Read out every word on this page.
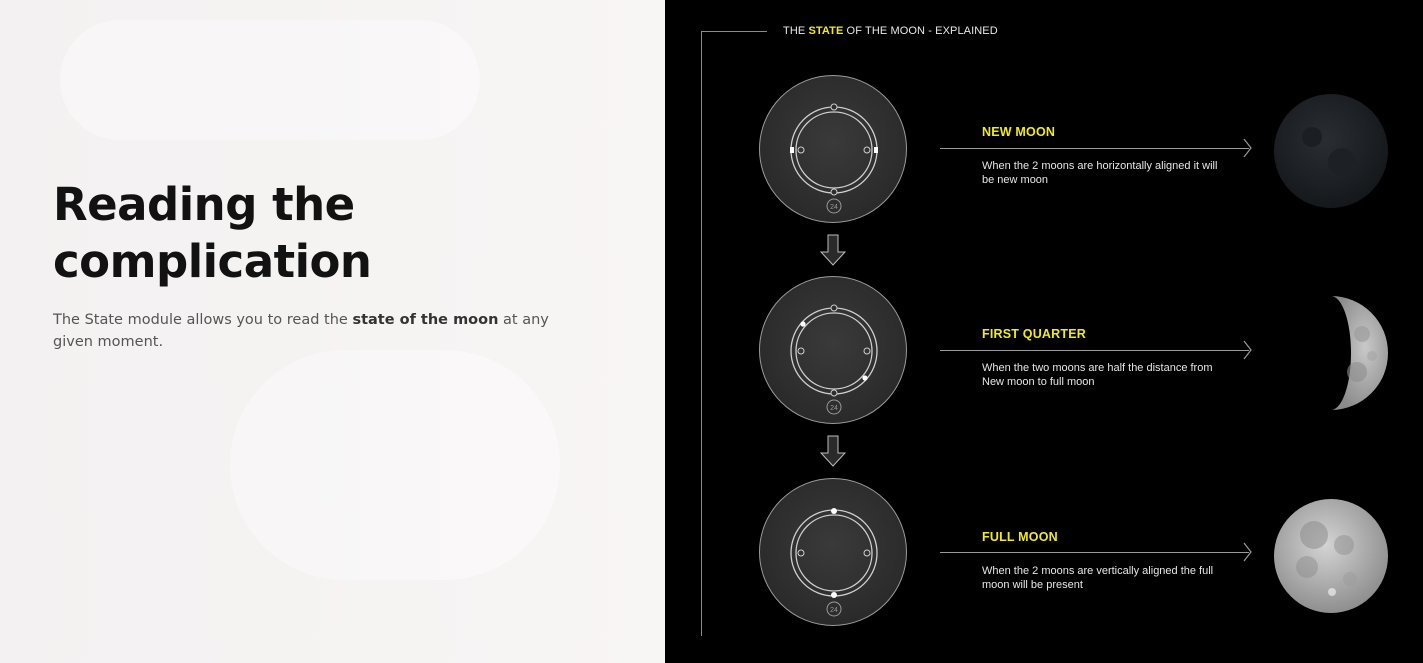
Reading the
complication

The State module allows you to read the state of the moon at any given moment.

THE STATE OF THE MOON - EXPLAINED
24
NEW MOON
When the 2 moons are horizontally aligned it will be new moon
24
FIRST QUARTER
When the two moons are half the distance from New moon to full moon
24
FULL MOON
When the 2 moons are vertically aligned the full moon will be present
